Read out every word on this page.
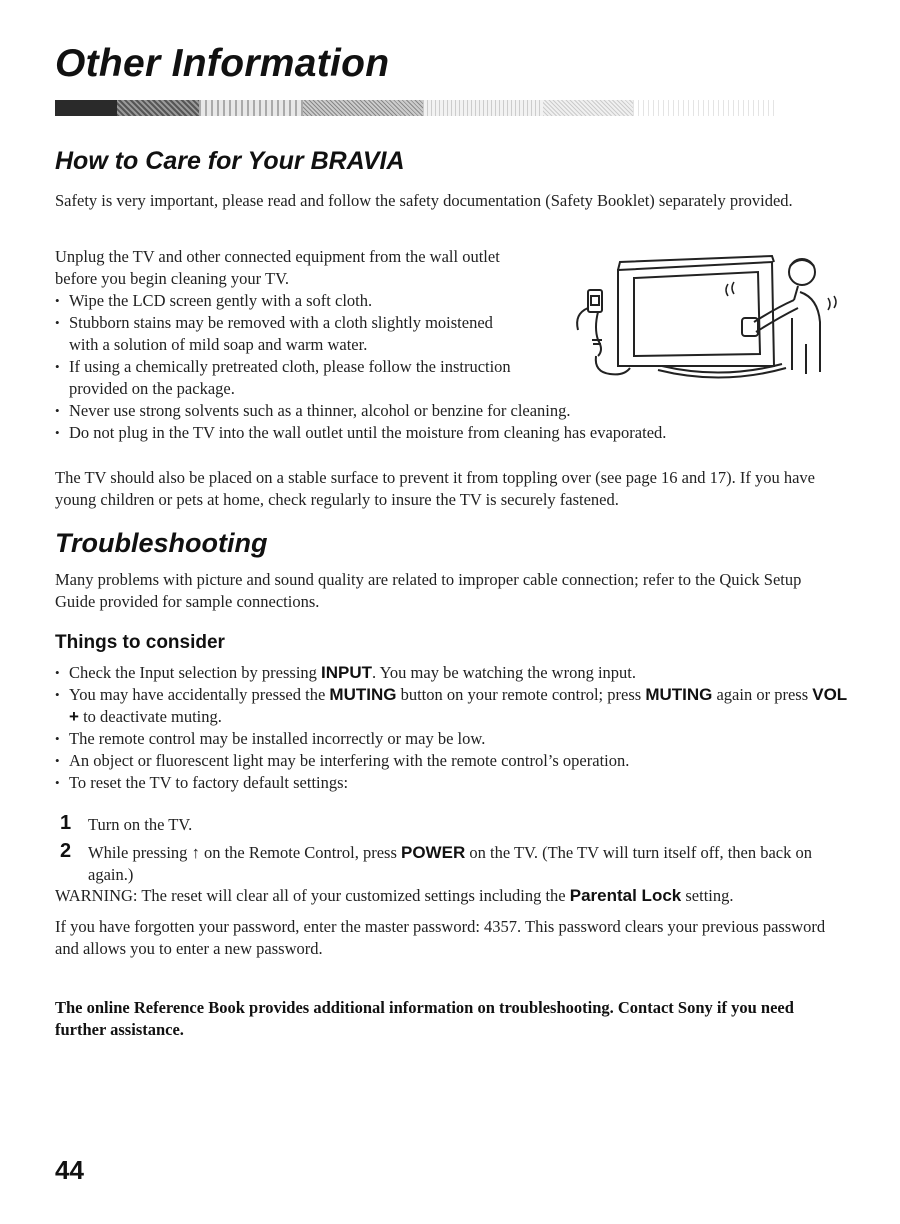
Other Information
How to Care for Your BRAVIA

Safety is very important, please read and follow the safety documentation (Safety Booklet) separately provided.

Unplug the TV and other connected equipment from the wall outlet

before you begin cleaning your TV.

• Wipe the LCD screen gently with a soft cloth.
• Stubborn stains may be removed with a cloth slightly moistened
with a solution of mild soap and warm water.
• If using a chemically pretreated cloth, please follow the instruction
provided on the package.
• Never use strong solvents such as a thinner, alcohol or benzine for cleaning.
• Do not plug in the TV into the wall outlet until the moisture from cleaning has evaporated.

The TV should also be placed on a stable surface to prevent it from toppling over (see page 16 and 17). If you have young children or pets at home, check regularly to insure the TV is securely fastened.

Troubleshooting

Many problems with picture and sound quality are related to improper cable connection; refer to the Quick Setup Guide provided for sample connections.

Things to consider
• Check the Input selection by pressing INPUT. You may be watching the wrong input.
• You may have accidentally pressed the MUTING button on your remote control; press MUTING again or press VOL + to deactivate muting.
• The remote control may be installed incorrectly or may be low.
• An object or fluorescent light may be interfering with the remote control’s operation.
• To reset the TV to factory default settings:
1 Turn on the TV.
2 While pressing ↑ on the Remote Control, press POWER on the TV. (The TV will turn itself off, then back on again.)

WARNING: The reset will clear all of your customized settings including the Parental Lock setting.

If you have forgotten your password, enter the master password: 4357. This password clears your previous password and allows you to enter a new password.

The online Reference Book provides additional information on troubleshooting. Contact Sony if you need further assistance.

44
